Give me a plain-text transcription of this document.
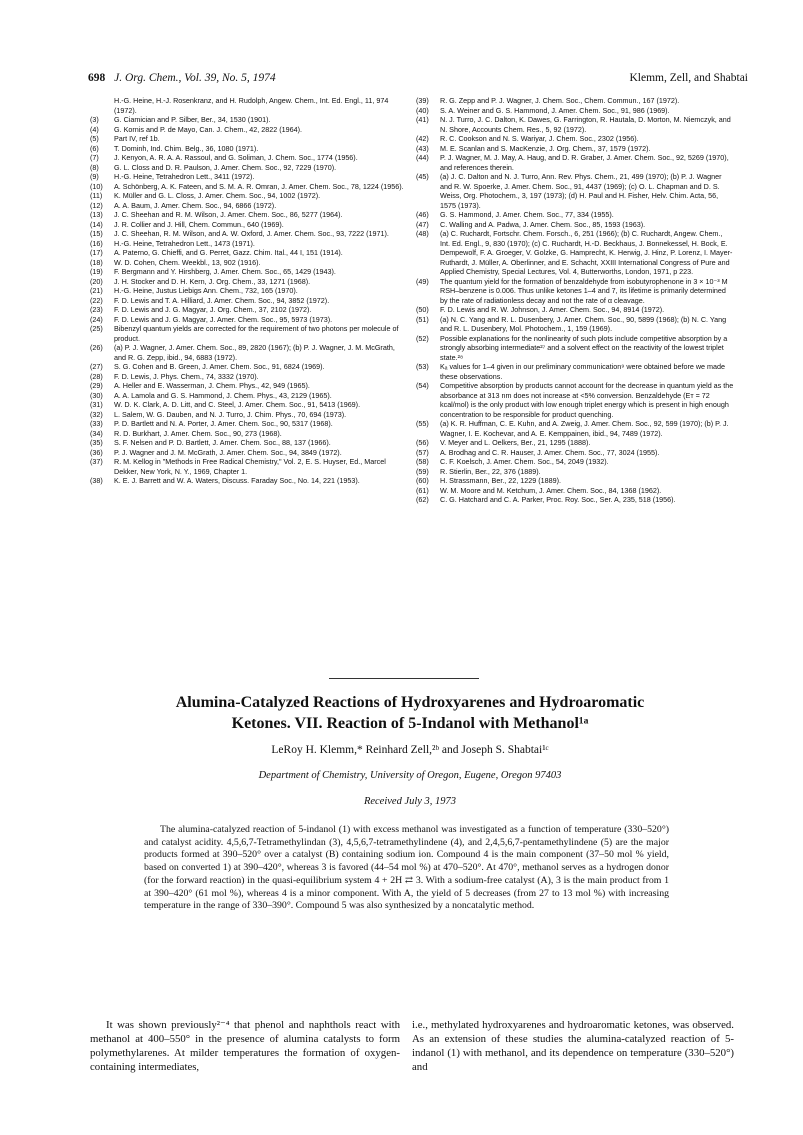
698 J. Org. Chem., Vol. 39, No. 5, 1974	Klemm, Zell, and Shabtai
H.-G. Heine, H.-J. Rosenkranz, and H. Rudolph, Angew. Chem., Int. Ed. Engl., 11, 974 (1972).
(3)	G. Ciamician and P. Silber, Ber., 34, 1530 (1901).
(4)	G. Kornis and P. de Mayo, Can. J. Chem., 42, 2822 (1964).
(5)	Part IV, ref 1b.
(6)	T. Dominh, Ind. Chim. Belg., 36, 1080 (1971).
(7)	J. Kenyon, A. R. A. A. Rassoul, and G. Soliman, J. Chem. Soc., 1774 (1956).
(8)	G. L. Closs and D. R. Paulson, J. Amer. Chem. Soc., 92, 7229 (1970).
(9)	H.-G. Heine, Tetrahedron Lett., 3411 (1972).
(10)	A. Schönberg, A. K. Fateen, and S. M. A. R. Omran, J. Amer. Chem. Soc., 78, 1224 (1956).
(11)	K. Müller and G. L. Closs, J. Amer. Chem. Soc., 94, 1002 (1972).
(12)	A. A. Baum, J. Amer. Chem. Soc., 94, 6866 (1972).
(13)	J. C. Sheehan and R. M. Wilson, J. Amer. Chem. Soc., 86, 5277 (1964).
(14)	J. R. Collier and J. Hill, Chem. Commun., 640 (1969).
(15)	J. C. Sheehan, R. M. Wilson, and A. W. Oxford, J. Amer. Chem. Soc., 93, 7222 (1971).
(16)	H.-G. Heine, Tetrahedron Lett., 1473 (1971).
(17)	A. Paterno, G. Chieffi, and G. Perret, Gazz. Chim. Ital., 44 I, 151 (1914).
(18)	W. D. Cohen, Chem. Weekbl., 13, 902 (1916).
(19)	F. Bergmann and Y. Hirshberg, J. Amer. Chem. Soc., 65, 1429 (1943).
(20)	J. H. Stocker and D. H. Kern, J. Org. Chem., 33, 1271 (1968).
(21)	H.-G. Heine, Justus Liebigs Ann. Chem., 732, 165 (1970).
(22)	F. D. Lewis and T. A. Hilliard, J. Amer. Chem. Soc., 94, 3852 (1972).
(23)	F. D. Lewis and J. G. Magyar, J. Org. Chem., 37, 2102 (1972).
(24)	F. D. Lewis and J. G. Magyar, J. Amer. Chem. Soc., 95, 5973 (1973).
(25)	Bibenzyl quantum yields are corrected for the requirement of two photons per molecule of product.
(26)	(a) P. J. Wagner, J. Amer. Chem. Soc., 89, 2820 (1967); (b) P. J. Wagner, J. M. McGrath, and R. G. Zepp, ibid., 94, 6883 (1972).
(27)	S. G. Cohen and B. Green, J. Amer. Chem. Soc., 91, 6824 (1969).
(28)	F. D. Lewis, J. Phys. Chem., 74, 3332 (1970).
(29)	A. Heller and E. Wasserman, J. Chem. Phys., 42, 949 (1965).
(30)	A. A. Lamola and G. S. Hammond, J. Chem. Phys., 43, 2129 (1965).
(31)	W. D. K. Clark, A. D. Litt, and C. Steel, J. Amer. Chem. Soc., 91, 5413 (1969).
(32)	L. Salem, W. G. Dauben, and N. J. Turro, J. Chim. Phys., 70, 694 (1973).
(33)	P. D. Bartlett and N. A. Porter, J. Amer. Chem. Soc., 90, 5317 (1968).
(34)	R. D. Burkhart, J. Amer. Chem. Soc., 90, 273 (1968).
(35)	S. F. Nelsen and P. D. Bartlett, J. Amer. Chem. Soc., 88, 137 (1966).
(36)	P. J. Wagner and J. M. McGrath, J. Amer. Chem. Soc., 94, 3849 (1972).
(37)	R. M. Kellog in "Methods in Free Radical Chemistry," Vol. 2, E. S. Huyser, Ed., Marcel Dekker, New York, N. Y., 1969, Chapter 1.
(38)	K. E. J. Barrett and W. A. Waters, Discuss. Faraday Soc., No. 14, 221 (1953).
(39)	R. G. Zepp and P. J. Wagner, J. Chem. Soc., Chem. Commun., 167 (1972).
(40)	S. A. Weiner and G. S. Hammond, J. Amer. Chem. Soc., 91, 986 (1969).
(41)	N. J. Turro, J. C. Dalton, K. Dawes, G. Farrington, R. Hautala, D. Morton, M. Niemczyk, and N. Shore, Accounts Chem. Res., 5, 92 (1972).
(42)	R. C. Cookson and N. S. Wariyar, J. Chem. Soc., 2302 (1956).
(43)	M. E. Scanlan and S. MacKenzie, J. Org. Chem., 37, 1579 (1972).
(44)	P. J. Wagner, M. J. May, A. Haug, and D. R. Graber, J. Amer. Chem. Soc., 92, 5269 (1970), and references therein.
(45)	(a) J. C. Dalton and N. J. Turro, Ann. Rev. Phys. Chem., 21, 499 (1970); (b) P. J. Wagner and R. W. Spoerke, J. Amer. Chem. Soc., 91, 4437 (1969); (c) O. L. Chapman and D. S. Weiss, Org. Photochem., 3, 197 (1973); (d) H. Paul and H. Fisher, Helv. Chim. Acta, 56, 1575 (1973).
(46)	G. S. Hammond, J. Amer. Chem. Soc., 77, 334 (1955).
(47)	C. Walling and A. Padwa, J. Amer. Chem. Soc., 85, 1593 (1963).
(48)	(a) C. Ruchardt, Fortschr. Chem. Forsch., 6, 251 (1966); (b) C. Ruchardt, Angew. Chem., Int. Ed. Engl., 9, 830 (1970); (c) C. Ruchardt, H.-D. Beckhaus, J. Bonnekessel, H. Bock, E. Dempewolf, F. A. Groeger, V. Golzke, G. Hamprecht, K. Herwig, J. Hinz, P. Lorenz, I. Mayer-Ruthardt, J. Müller, A. Oberlinner, and E. Schacht, XXIII International Congress of Pure and Applied Chemistry, Special Lectures, Vol. 4, Butterworths, London, 1971, p 223.
(49)	The quantum yield for the formation of benzaldehyde from isobutyrophenone in 3 × 10⁻³ M RSH–benzene is 0.006. Thus unlike ketones 1–4 and 7, its lifetime is primarily determined by the rate of radiationless decay and not the rate of α cleavage.
(50)	F. D. Lewis and R. W. Johnson, J. Amer. Chem. Soc., 94, 8914 (1972).
(51)	(a) N. C. Yang and R. L. Dusenbery, J. Amer. Chem. Soc., 90, 5899 (1968); (b) N. C. Yang and R. L. Dusenbery, Mol. Photochem., 1, 159 (1969).
(52)	Possible explanations for the nonlinearity of such plots include competitive absorption by a strongly absorbing intermediate²⁷ and a solvent effect on the reactivity of the lowest triplet state.²⁸
(53)	Kₐ values for 1–4 given in our preliminary communication⁹ were obtained before we made these observations.
(54)	Competitive absorption by products cannot account for the decrease in quantum yield as the absorbance at 313 nm does not increase at <5% conversion. Benzaldehyde (Eᴛ = 72 kcal/mol) is the only product with low enough triplet energy which is present in high enough concentration to be responsible for product quenching.
(55)	(a) K. R. Huffman, C. E. Kuhn, and A. Zweig, J. Amer. Chem. Soc., 92, 599 (1970); (b) P. J. Wagner, I. E. Kochevar, and A. E. Kemppainen, ibid., 94, 7489 (1972).
(56)	V. Meyer and L. Oelkers, Ber., 21, 1295 (1888).
(57)	A. Brodhag and C. R. Hauser, J. Amer. Chem. Soc., 77, 3024 (1955).
(58)	C. F. Koelsch, J. Amer. Chem. Soc., 54, 2049 (1932).
(59)	R. Stierlin, Ber., 22, 376 (1889).
(60)	H. Strassmann, Ber., 22, 1229 (1889).
(61)	W. M. Moore and M. Ketchum, J. Amer. Chem. Soc., 84, 1368 (1962).
(62)	C. G. Hatchard and C. A. Parker, Proc. Roy. Soc., Ser. A, 235, 518 (1956).
Alumina-Catalyzed Reactions of Hydroxyarenes and Hydroaromatic
Ketones. VII. Reaction of 5-Indanol with Methanol¹ᵃ
LeRoy H. Klemm,* Reinhard Zell,²ᵇ and Joseph S. Shabtai¹ᶜ
Department of Chemistry, University of Oregon, Eugene, Oregon 97403
Received July 3, 1973

The alumina-catalyzed reaction of 5-indanol (1) with excess methanol was investigated as a function of temperature (330–520°) and catalyst acidity. 4,5,6,7-Tetramethylindan (3), 4,5,6,7-tetramethylindene (4), and 2,4,5,6,7-pentamethylindene (5) are the major products formed at 390–520° over a catalyst (B) containing sodium ion. Compound 4 is the main component (37–50 mol % yield, based on converted 1) at 390–420°, whereas 3 is favored (44–54 mol %) at 470–520°. At 470°, methanol serves as a hydrogen donor (for the forward reaction) in the quasi-equilibrium system 4 + 2H ⇄ 3. With a sodium-free catalyst (A), 3 is the main product from 1 at 390–420° (61 mol %), whereas 4 is a minor component. With A, the yield of 5 decreases (from 27 to 13 mol %) with increasing temperature in the range of 330–390°. Compound 5 was also synthesized by a noncatalytic method.

It was shown previously²⁻⁴ that phenol and naphthols react with methanol at 400–550° in the presence of alumina catalysts to form polymethylarenes. At milder temperatures the formation of oxygen-containing intermediates,

i.e., methylated hydroxyarenes and hydroaromatic ketones, was observed. As an extension of these studies the alumina-catalyzed reaction of 5-indanol (1) with methanol, and its dependence on temperature (330–520°) and
